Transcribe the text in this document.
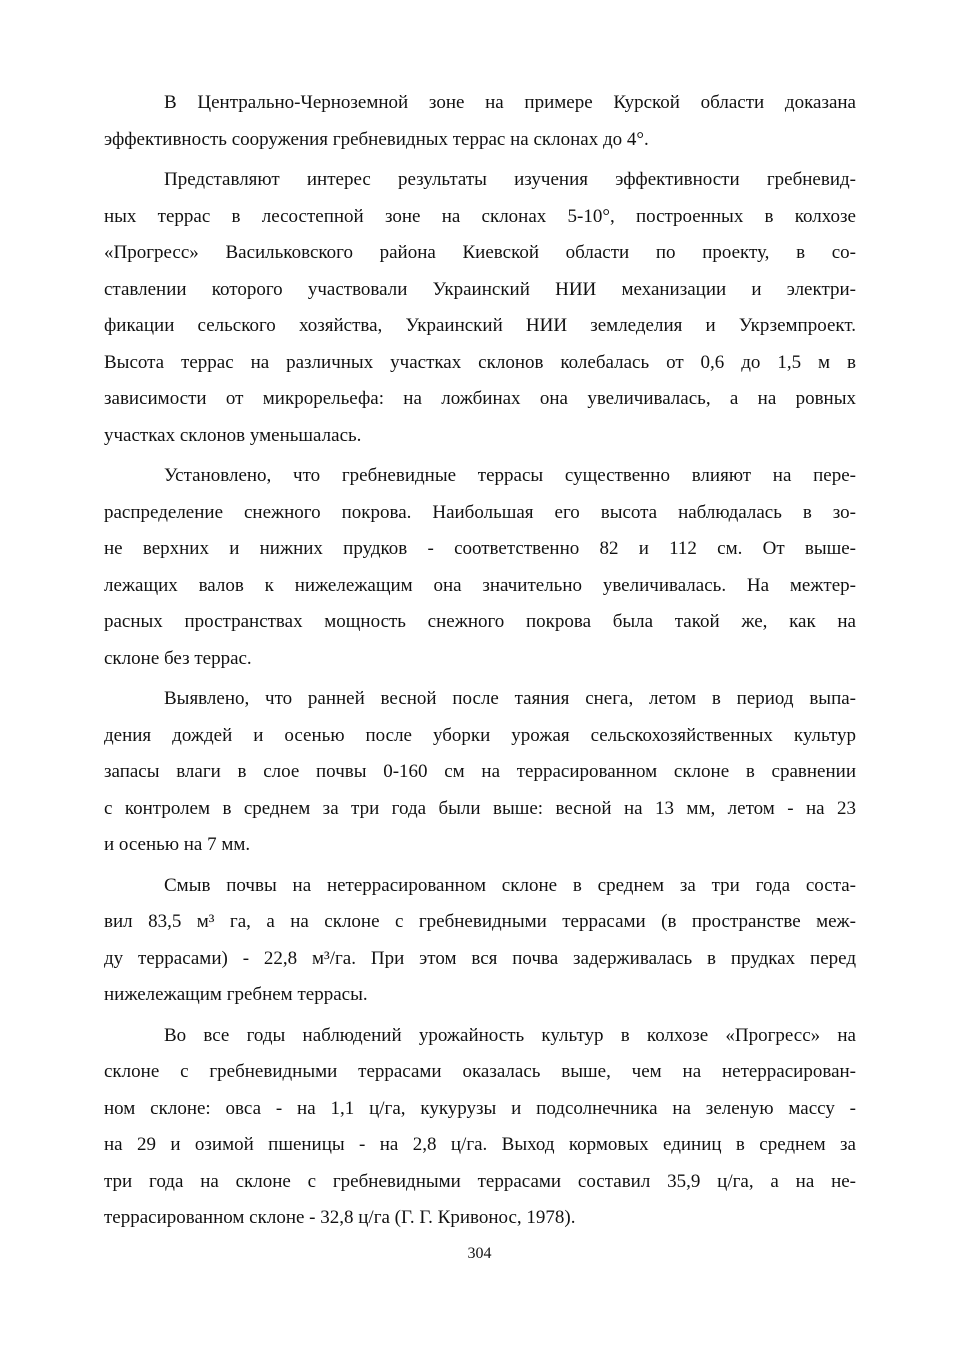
В Центрально-Черноземной зоне на примере Курской области доказана
эффективность сооружения гребневидных террас на склонах до 4°.

Представляют интерес результаты изучения эффективности гребневид-
ных террас в лесостепной зоне на склонах 5-10°, построенных в колхозе
«Прогресс» Васильковского района Киевской области по проекту, в со-
ставлении которого участвовали Украинский НИИ механизации и электри-
фикации сельского хозяйства, Украинский НИИ земледелия и Укрземпроект.
Высота террас на различных участках склонов колебалась от 0,6 до 1,5 м в
зависимости от микрорельефа: на ложбинах она увеличивалась, а на ровных
участках склонов уменьшалась.

Установлено, что гребневидные террасы существенно влияют на пере-
распределение снежного покрова. Наибольшая его высота наблюдалась в зо-
не верхних и нижних прудков - соответственно 82 и 112 см. От выше-
лежащих валов к нижележащим она значительно увеличивалась. На межтер-
расных пространствах мощность снежного покрова была такой же, как на
склоне без террас.

Выявлено, что ранней весной после таяния снега, летом в период выпа-
дения дождей и осенью после уборки урожая сельскохозяйственных культур
запасы влаги в слое почвы 0-160 см на террасированном склоне в сравнении
с контролем в среднем за три года были выше: весной на 13 мм, летом - на 23
и осенью на 7 мм.

Смыв почвы на нетеррасированном склоне в среднем за три года соста-
вил 83,5 м³ га, а на склоне с гребневидными террасами (в пространстве меж-
ду террасами) - 22,8 м³/га. При этом вся почва задерживалась в прудках перед
нижележащим гребнем террасы.

Во все годы наблюдений урожайность культур в колхозе «Прогресс» на
склоне с гребневидными террасами оказалась выше, чем на нетеррасирован-
ном склоне: овса - на 1,1 ц/га, кукурузы и подсолнечника на зеленую массу -
на 29 и озимой пшеницы - на 2,8 ц/га. Выход кормовых единиц в среднем за
три года на склоне с гребневидными террасами составил 35,9 ц/га, а на не-
террасированном склоне - 32,8 ц/га (Г. Г. Кривонос, 1978).

304
